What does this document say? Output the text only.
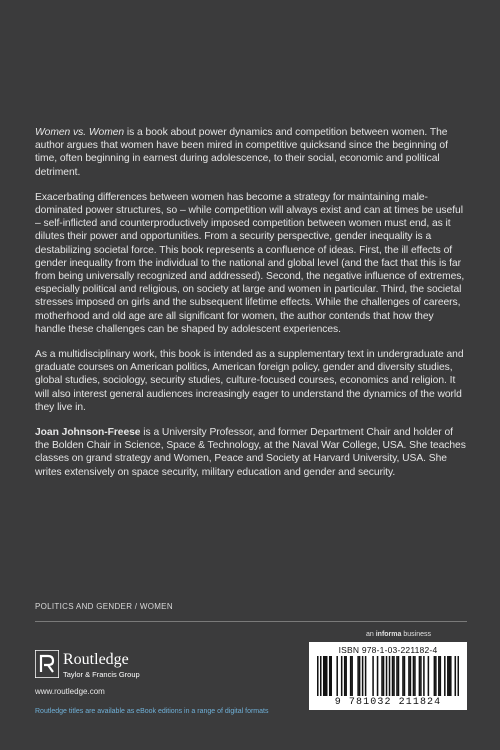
Women vs. Women is a book about power dynamics and competition between women. The author argues that women have been mired in competitive quicksand since the beginning of time, often beginning in earnest during adolescence, to their social, economic and political detriment.

Exacerbating differences between women has become a strategy for maintaining male-dominated power structures, so – while competition will always exist and can at times be useful – self-inflicted and counterproductively imposed competition between women must end, as it dilutes their power and opportunities. From a security perspective, gender inequality is a destabilizing societal force. This book represents a confluence of ideas. First, the ill effects of gender inequality from the individual to the national and global level (and the fact that this is far from being universally recognized and addressed). Second, the negative influence of extremes, especially political and religious, on society at large and women in particular. Third, the societal stresses imposed on girls and the subsequent lifetime effects. While the challenges of careers, motherhood and old age are all significant for women, the author contends that how they handle these challenges can be shaped by adolescent experiences.

As a multidisciplinary work, this book is intended as a supplementary text in undergraduate and graduate courses on American politics, American foreign policy, gender and diversity studies, global studies, sociology, security studies, culture-focused courses, economics and religion. It will also interest general audiences increasingly eager to understand the dynamics of the world they live in.

Joan Johnson-Freese is a University Professor, and former Department Chair and holder of the Bolden Chair in Science, Space & Technology, at the Naval War College, USA. She teaches classes on grand strategy and Women, Peace and Society at Harvard University, USA. She writes extensively on space security, military education and gender and security.

POLITICS AND GENDER / WOMEN
an informa business
Routledge
Taylor & Francis Group
www.routledge.com
Routledge titles are available as eBook editions in a range of digital formats
ISBN 978-1-03-221182-4
9 781032 211824
